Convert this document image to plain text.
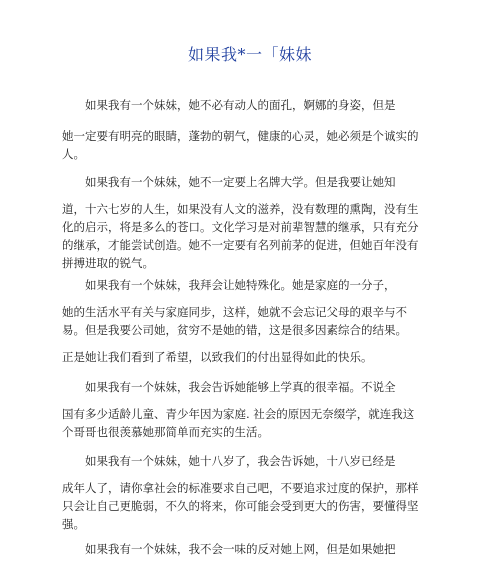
如果我*一「妹妹

如果我有一个妹妹，她不必有动人的面孔，婀娜的身姿，但是

她一定要有明亮的眼睛，蓬勃的朝气，健康的心灵，她必须是个诚实的人。

如果我有一个妹妹，她不一定要上名牌大学。但是我要让她知

道，十六七岁的人生，如果没有人文的滋养，没有数理的熏陶，没有生化的启示，将是多么的苍口。文化学习是对前辈智慧的继承，只有充分的继承，才能尝试创造。她不一定要有名列前茅的促进，但她百年没有拼搏进取的锐气。

如果我有一个妹妹，我拜会让她特殊化。她是家庭的一分子，

她的生活水平有关与家庭同步，这样，她就不会忘记父母的艰辛与不易。但是我要公司她，贫穷不是她的错，这是很多因素综合的结果。

正是她让我们看到了希望，以致我们的付出显得如此的快乐。

如果我有一个妹妹，我会告诉她能够上学真的很幸福。不说全

国有多少适龄儿童、青少年因为家庭. 社会的原因无奈缀学，就连我这个哥哥也很羡慕她那简单而充实的生活。

如果我有一个妹妹，她十八岁了，我会告诉她，十八岁已经是

成年人了，请你拿社会的标准要求自己吧，不要追求过度的保护，那样只会让自己更脆弱，不久的将来，你可能会受到更大的伤害，要懂得坚强。

如果我有一个妹妹，我不会一味的反对她上网，但是如果她把
